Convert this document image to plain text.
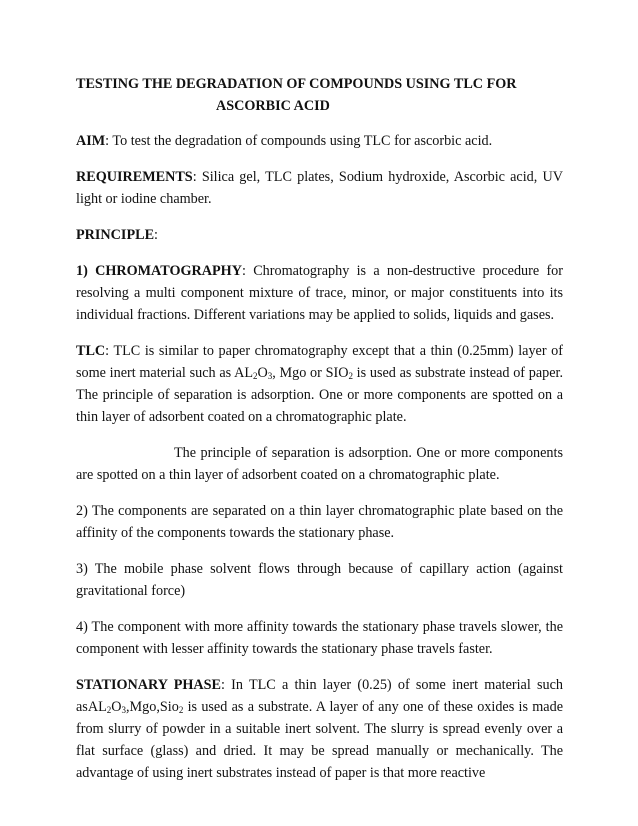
TESTING THE DEGRADATION OF COMPOUNDS USING TLC FOR
ASCORBIC ACID

AIM: To test the degradation of compounds using TLC for ascorbic acid.

REQUIREMENTS: Silica gel, TLC plates, Sodium hydroxide, Ascorbic acid, UV light or iodine chamber.

PRINCIPLE:

1) CHROMATOGRAPHY: Chromatography is a non-destructive procedure for resolving a multi component mixture of trace, minor, or major constituents into its individual fractions. Different variations may be applied to solids, liquids and gases.

TLC: TLC is similar to paper chromatography except that a thin (0.25mm) layer of some inert material such as $AL_2O_3$, Mgo or $SIO_2$ is used as substrate instead of paper. The principle of separation is adsorption. One or more components are spotted on a thin layer of adsorbent coated on a chromatographic plate.

The principle of separation is adsorption. One or more components are spotted on a thin layer of adsorbent coated on a chromatographic plate.

2) The components are separated on a thin layer chromatographic plate based on the affinity of the components towards the stationary phase.

3) The mobile phase solvent flows through because of capillary action (against gravitational force)

4) The component with more affinity towards the stationary phase travels slower, the component with lesser affinity towards the stationary phase travels faster.

STATIONARY PHASE: In TLC a thin layer (0.25) of some inert material such $asAL_2O_3,Mgo,Sio_2$ is used as a substrate. A layer of any one of these oxides is made from slurry of powder in a suitable inert solvent. The slurry is spread evenly over a flat surface (glass) and dried. It may be spread manually or mechanically. The advantage of using inert substrates instead of paper is that more reactive
